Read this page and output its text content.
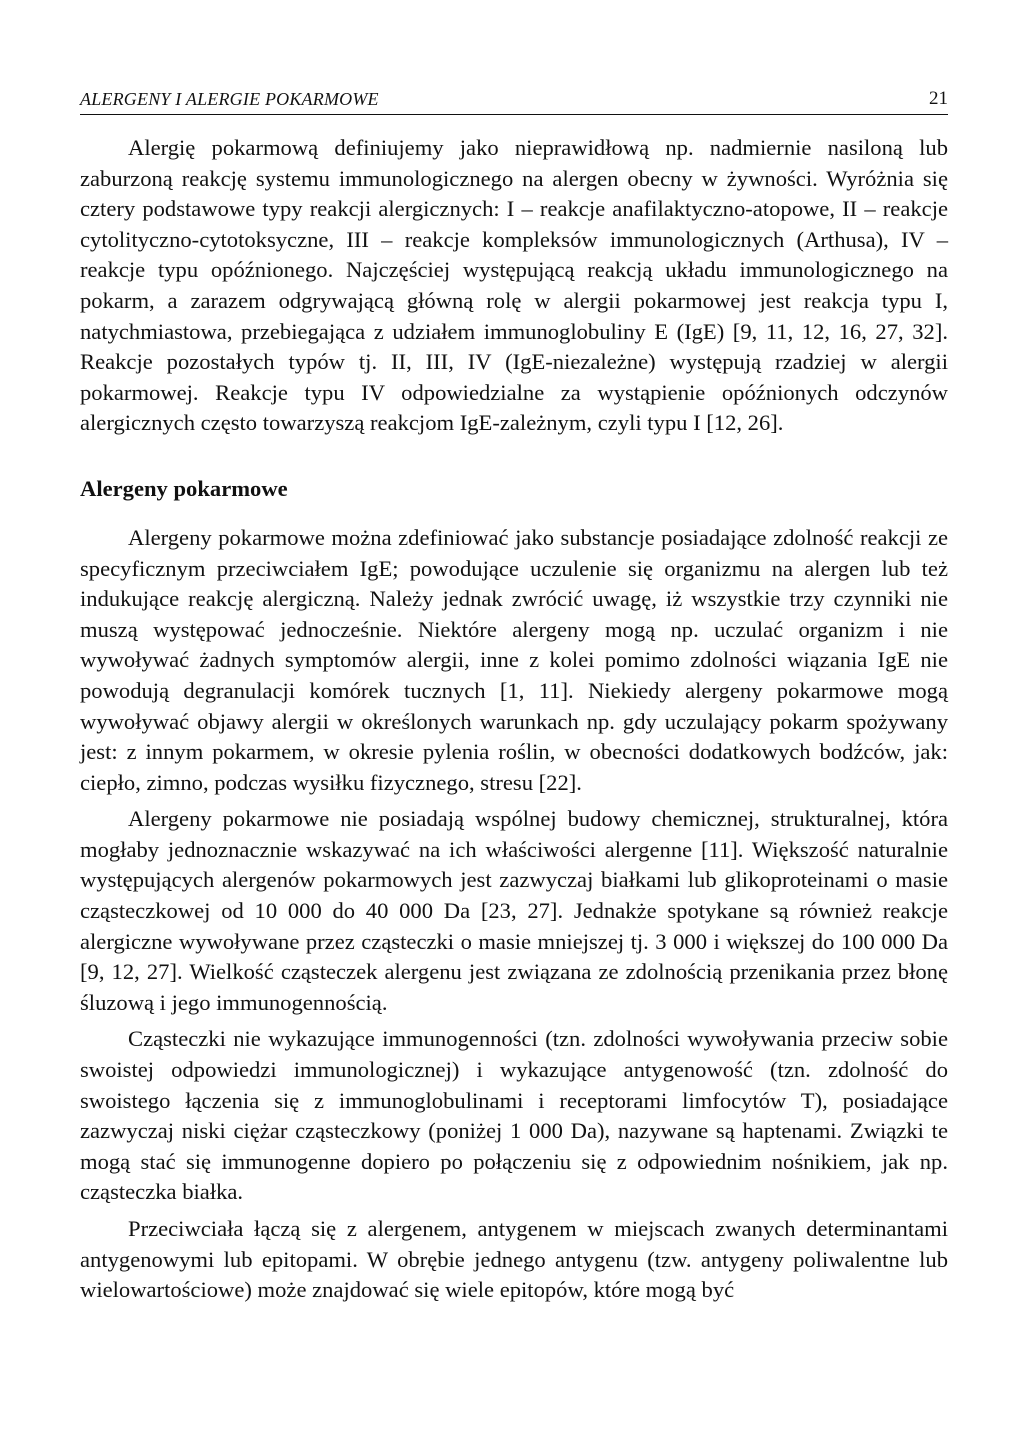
ALERGENY I ALERGIE POKARMOWE	21

Alergię pokarmową definiujemy jako nieprawidłową np. nadmiernie nasiloną lub zaburzoną reakcję systemu immunologicznego na alergen obecny w żywności. Wyróżnia się cztery podstawowe typy reakcji alergicznych: I – reakcje anafilaktyczno-atopowe, II – reakcje cytolityczno-cytotoksyczne, III – reakcje kompleksów immunologicznych (Arthusa), IV – reakcje typu opóźnionego. Najczęściej występującą reakcją układu immunologicznego na pokarm, a zarazem odgrywającą główną rolę w alergii pokarmowej jest reakcja typu I, natychmiastowa, przebiegająca z udziałem immunoglobuliny E (IgE) [9, 11, 12, 16, 27, 32]. Reakcje pozostałych typów tj. II, III, IV (IgE-niezależne) występują rzadziej w alergii pokarmowej. Reakcje typu IV odpowiedzialne za wystąpienie opóźnionych odczynów alergicznych często towarzyszą reakcjom IgE-zależnym, czyli typu I [12, 26].

Alergeny pokarmowe

Alergeny pokarmowe można zdefiniować jako substancje posiadające zdolność reakcji ze specyficznym przeciwciałem IgE; powodujące uczulenie się organizmu na alergen lub też indukujące reakcję alergiczną. Należy jednak zwrócić uwagę, iż wszystkie trzy czynniki nie muszą występować jednocześnie. Niektóre alergeny mogą np. uczulać organizm i nie wywoływać żadnych symptomów alergii, inne z kolei pomimo zdolności wiązania IgE nie powodują degranulacji komórek tucznych [1, 11]. Niekiedy alergeny pokarmowe mogą wywoływać objawy alergii w określonych warunkach np. gdy uczulający pokarm spożywany jest: z innym pokarmem, w okresie pylenia roślin, w obecności dodatkowych bodźców, jak: ciepło, zimno, podczas wysiłku fizycznego, stresu [22].

Alergeny pokarmowe nie posiadają wspólnej budowy chemicznej, strukturalnej, która mogłaby jednoznacznie wskazywać na ich właściwości alergenne [11]. Większość naturalnie występujących alergenów pokarmowych jest zazwyczaj białkami lub glikoproteinami o masie cząsteczkowej od 10 000 do 40 000 Da [23, 27]. Jednakże spotykane są również reakcje alergiczne wywoływane przez cząsteczki o masie mniejszej tj. 3 000 i większej do 100 000 Da [9, 12, 27]. Wielkość cząsteczek alergenu jest związana ze zdolnością przenikania przez błonę śluzową i jego immunogennością.

Cząsteczki nie wykazujące immunogenności (tzn. zdolności wywoływania przeciw sobie swoistej odpowiedzi immunologicznej) i wykazujące antygenowość (tzn. zdolność do swoistego łączenia się z immunoglobulinami i receptorami limfocytów T), posiadające zazwyczaj niski ciężar cząsteczkowy (poniżej 1 000 Da), nazywane są haptenami. Związki te mogą stać się immunogenne dopiero po połączeniu się z odpowiednim nośnikiem, jak np. cząsteczka białka.

Przeciwciała łączą się z alergenem, antygenem w miejscach zwanych determinantami antygenowymi lub epitopami. W obrębie jednego antygenu (tzw. antygeny poliwalentne lub wielowartościowe) może znajdować się wiele epitopów, które mogą być
